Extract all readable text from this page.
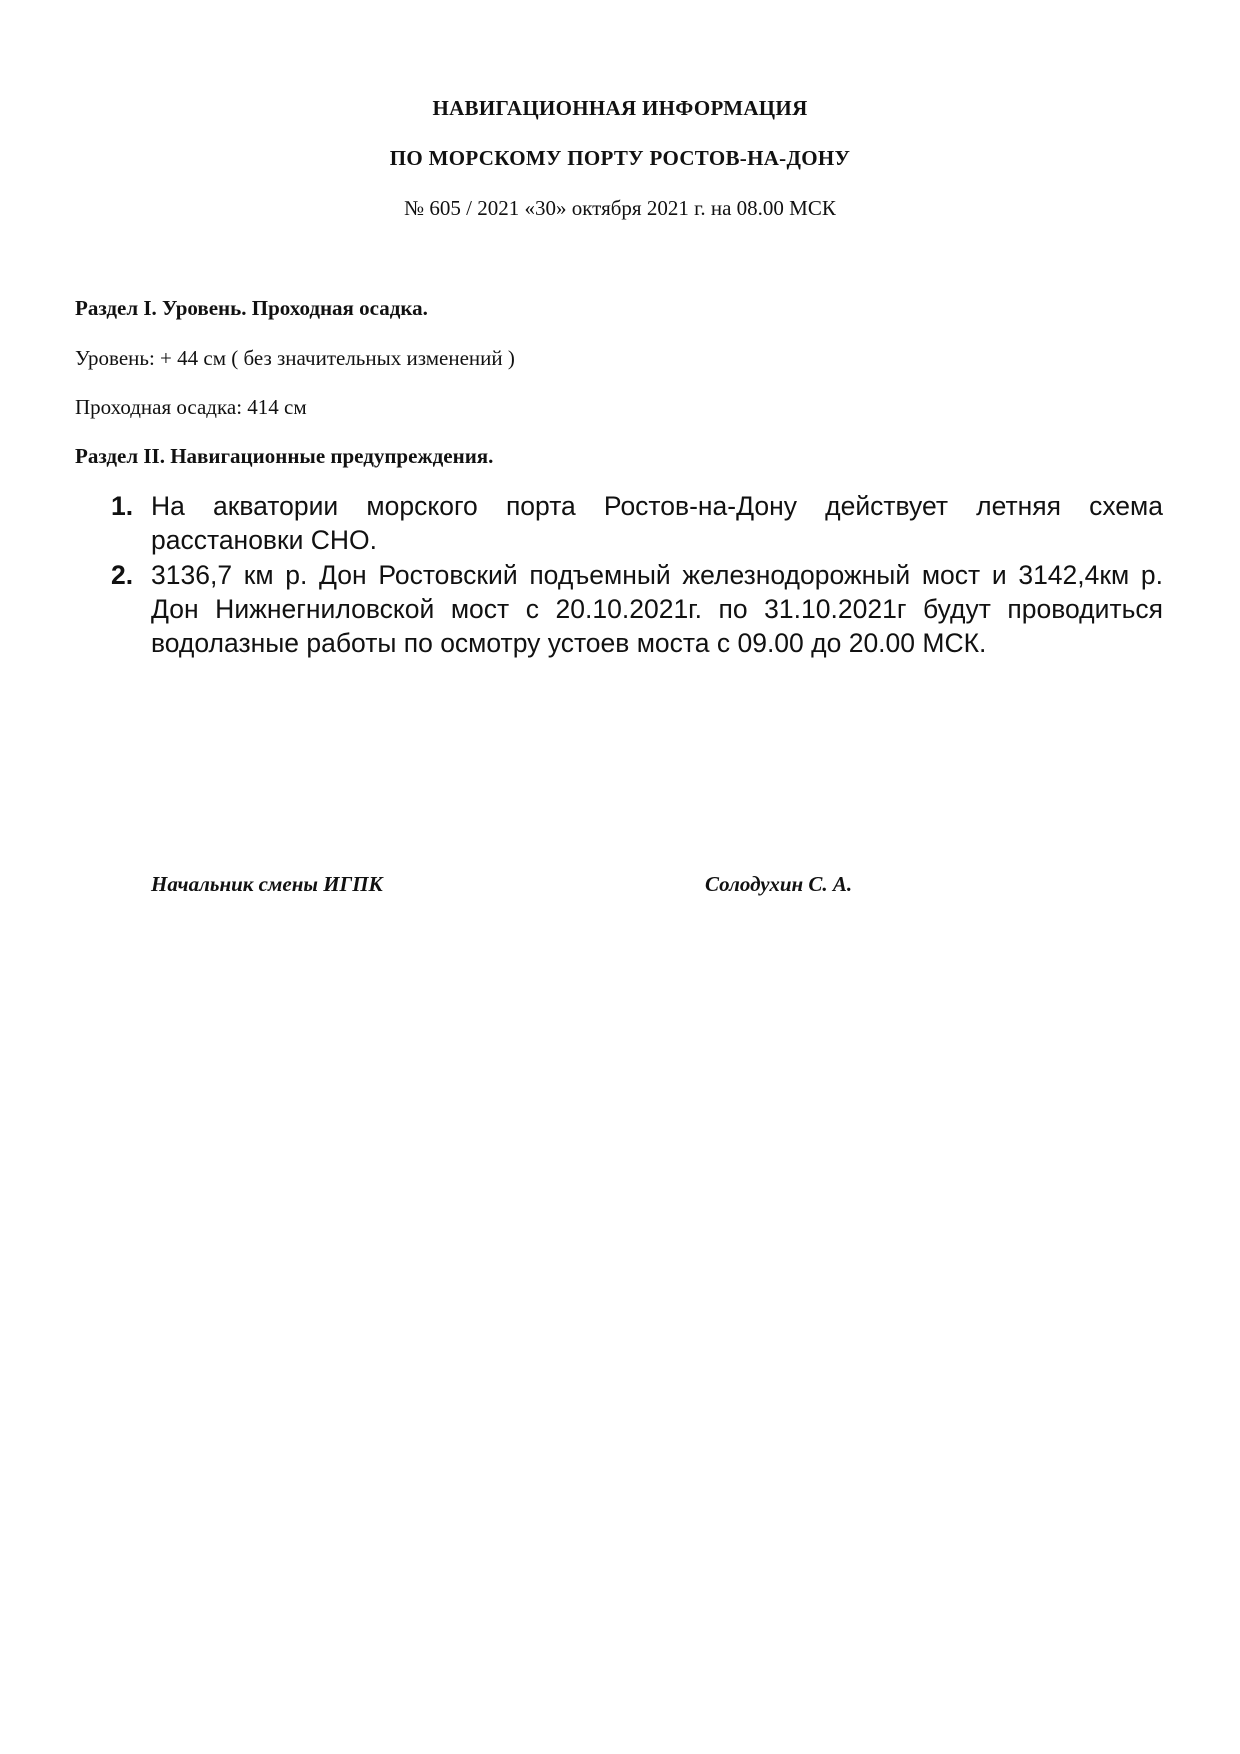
НАВИГАЦИОННАЯ ИНФОРМАЦИЯ
ПО МОРСКОМУ ПОРТУ РОСТОВ-НА-ДОНУ
№ 605 / 2021 «30» октября 2021 г. на 08.00 МСК
Раздел I. Уровень. Проходная осадка.
Уровень: + 44 см ( без значительных изменений )
Проходная осадка: 414 см
Раздел II. Навигационные предупреждения.
1. На акватории морского порта Ростов-на-Дону действует летняя схема расстановки СНО.
2. 3136,7 км р. Дон Ростовский подъемный железнодорожный мост и 3142,4км р. Дон Нижнегниловской мост с 20.10.2021г. по 31.10.2021г будут проводиться водолазные работы по осмотру устоев моста с 09.00 до 20.00 МСК.
Начальник смены ИГПК	Солодухин С. А.
